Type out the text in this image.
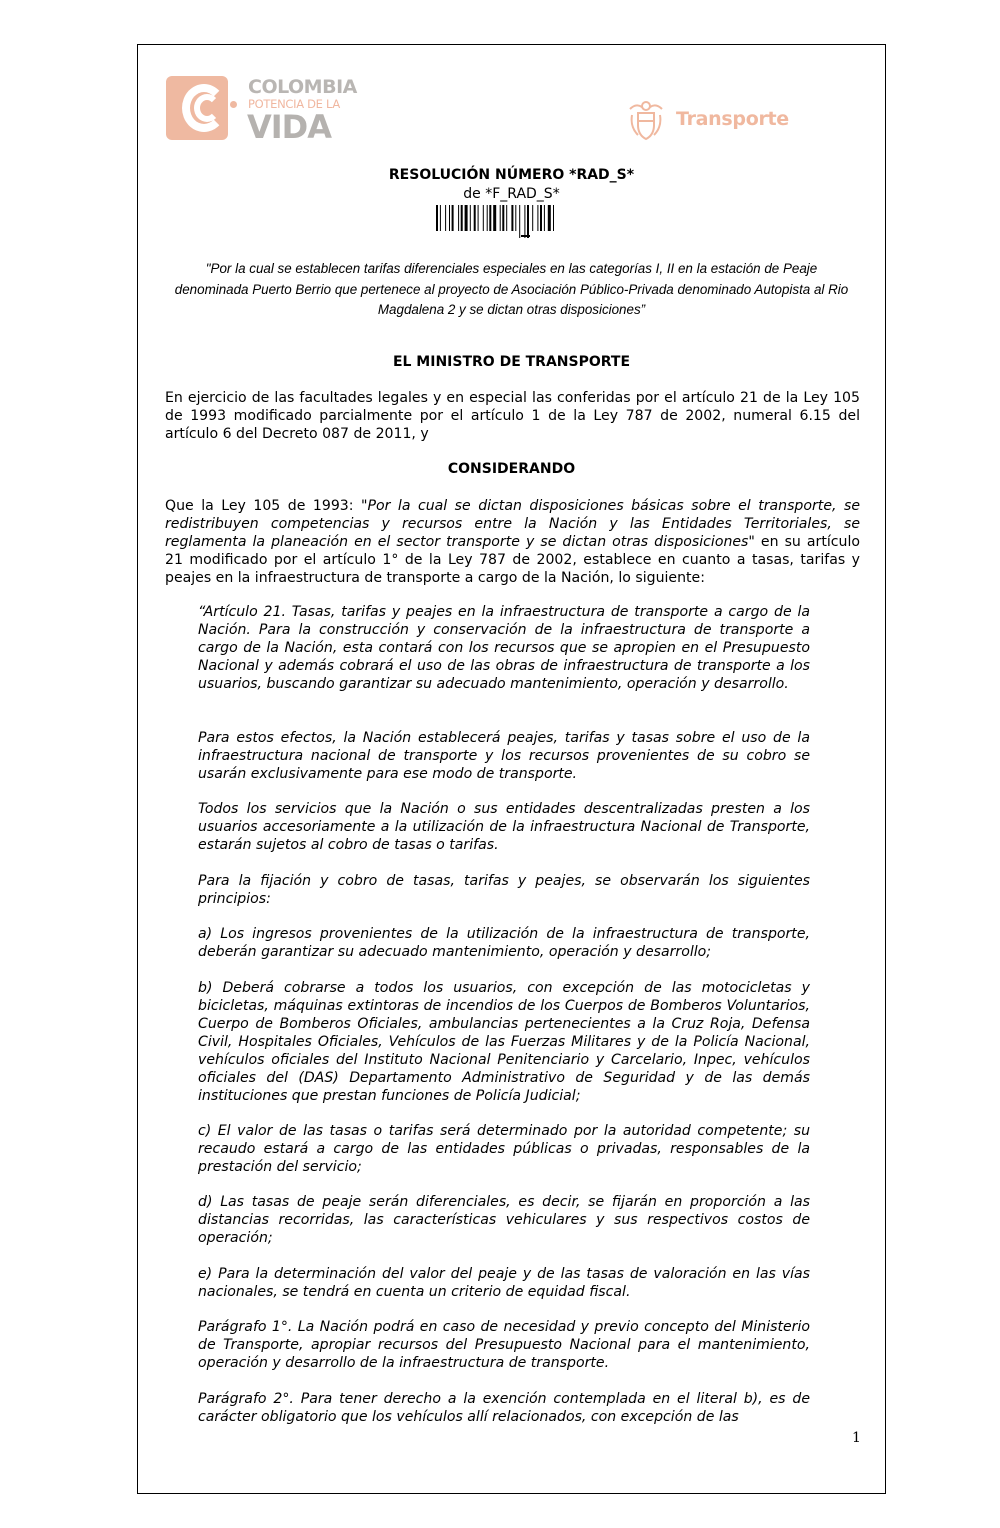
COLOMBIA
POTENCIA DE LA
VIDA	Transporte
RESOLUCIÓN NÚMERO *RAD_S*
de *F_RAD_S*
"Por la cual se establecen tarifas diferenciales especiales en las categorías I, II en la estación de Peaje denominada Puerto Berrio que pertenece al proyecto de Asociación Público-Privada denominado Autopista al Rio Magdalena 2 y se dictan otras disposiciones”
EL MINISTRO DE TRANSPORTE

En ejercicio de las facultades legales y en especial las conferidas por el artículo 21 de la Ley 105 de 1993 modificado parcialmente por el artículo 1 de la Ley 787 de 2002, numeral 6.15 del artículo 6 del Decreto 087 de 2011, y

CONSIDERANDO

Que la Ley 105 de 1993: "Por la cual se dictan disposiciones básicas sobre el transporte, se redistribuyen competencias y recursos entre la Nación y las Entidades Territoriales, se reglamenta la planeación en el sector transporte y se dictan otras disposiciones" en su artículo 21 modificado por el artículo 1° de la Ley 787 de 2002, establece en cuanto a tasas, tarifas y peajes en la infraestructura de transporte a cargo de la Nación, lo siguiente:

“Artículo 21. Tasas, tarifas y peajes en la infraestructura de transporte a cargo de la Nación. Para la construcción y conservación de la infraestructura de transporte a cargo de la Nación, esta contará con los recursos que se apropien en el Presupuesto Nacional y además cobrará el uso de las obras de infraestructura de transporte a los usuarios, buscando garantizar su adecuado mantenimiento, operación y desarrollo.

Para estos efectos, la Nación establecerá peajes, tarifas y tasas sobre el uso de la infraestructura nacional de transporte y los recursos provenientes de su cobro se usarán exclusivamente para ese modo de transporte.

Todos los servicios que la Nación o sus entidades descentralizadas presten a los usuarios accesoriamente a la utilización de la infraestructura Nacional de Transporte, estarán sujetos al cobro de tasas o tarifas.

Para la fijación y cobro de tasas, tarifas y peajes, se observarán los siguientes principios:

a) Los ingresos provenientes de la utilización de la infraestructura de transporte, deberán garantizar su adecuado mantenimiento, operación y desarrollo;

b) Deberá cobrarse a todos los usuarios, con excepción de las motocicletas y bicicletas, máquinas extintoras de incendios de los Cuerpos de Bomberos Voluntarios, Cuerpo de Bomberos Oficiales, ambulancias pertenecientes a la Cruz Roja, Defensa Civil, Hospitales Oficiales, Vehículos de las Fuerzas Militares y de la Policía Nacional, vehículos oficiales del Instituto Nacional Penitenciario y Carcelario, Inpec, vehículos oficiales del (DAS) Departamento Administrativo de Seguridad y de las demás instituciones que prestan funciones de Policía Judicial;

c) El valor de las tasas o tarifas será determinado por la autoridad competente; su recaudo estará a cargo de las entidades públicas o privadas, responsables de la prestación del servicio;

d) Las tasas de peaje serán diferenciales, es decir, se fijarán en proporción a las distancias recorridas, las características vehiculares y sus respectivos costos de operación;

e) Para la determinación del valor del peaje y de las tasas de valoración en las vías nacionales, se tendrá en cuenta un criterio de equidad fiscal.

Parágrafo 1°. La Nación podrá en caso de necesidad y previo concepto del Ministerio de Transporte, apropiar recursos del Presupuesto Nacional para el mantenimiento, operación y desarrollo de la infraestructura de transporte.

Parágrafo 2°. Para tener derecho a la exención contemplada en el literal b), es de carácter obligatorio que los vehículos allí relacionados, con excepción de las

1
